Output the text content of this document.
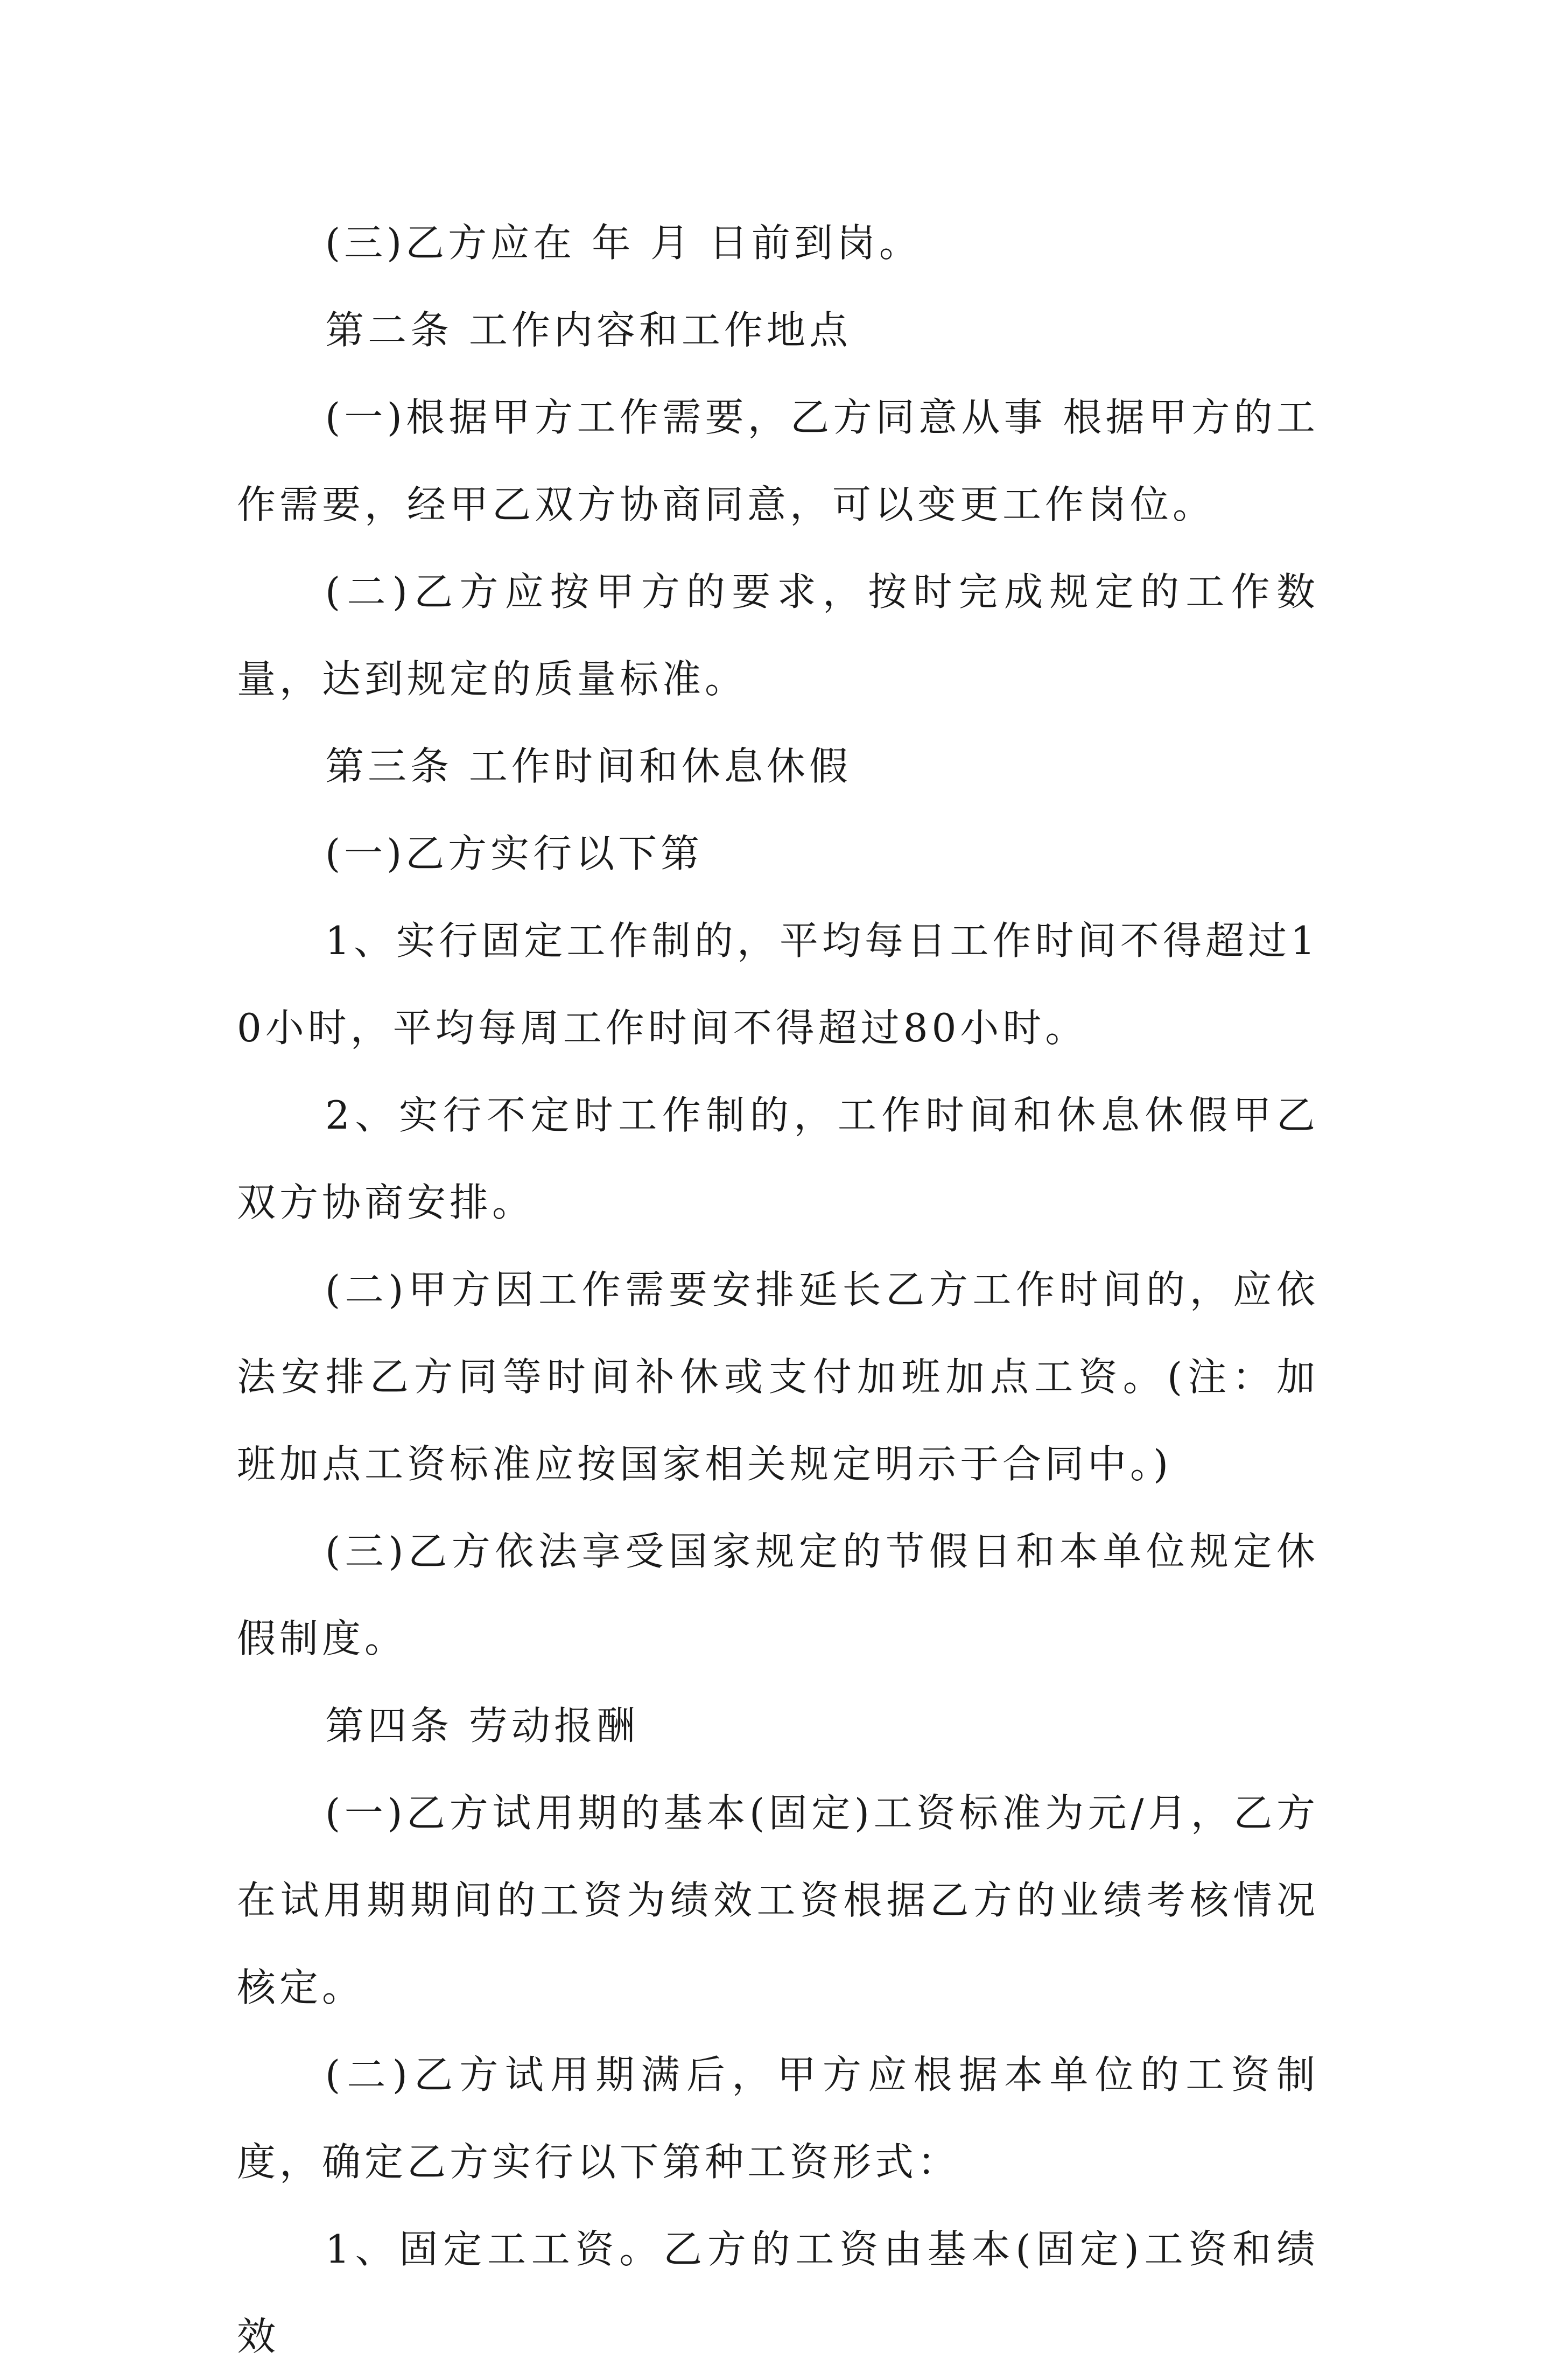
(三)乙方应在 年 月 日前到岗。

第二条 工作内容和工作地点

(一)根据甲方工作需要，乙方同意从事 根据甲方的工作需要，经甲乙双方协商同意，可以变更工作岗位。

(二)乙方应按甲方的要求，按时完成规定的工作数量，达到规定的质量标准。

第三条 工作时间和休息休假

(一)乙方实行以下第

1、实行固定工作制的，平均每日工作时间不得超过10小时，平均每周工作时间不得超过80小时。

2、实行不定时工作制的，工作时间和休息休假甲乙双方协商安排。

(二)甲方因工作需要安排延长乙方工作时间的，应依法安排乙方同等时间补休或支付加班加点工资。(注：加班加点工资标准应按国家相关规定明示于合同中。)

(三)乙方依法享受国家规定的节假日和本单位规定休假制度。

第四条 劳动报酬

(一)乙方试用期的基本(固定)工资标准为元/月，乙方在试用期期间的工资为绩效工资根据乙方的业绩考核情况核定。

(二)乙方试用期满后，甲方应根据本单位的工资制度，确定乙方实行以下第种工资形式：

1、固定工工资。乙方的工资由基本(固定)工资和绩效
